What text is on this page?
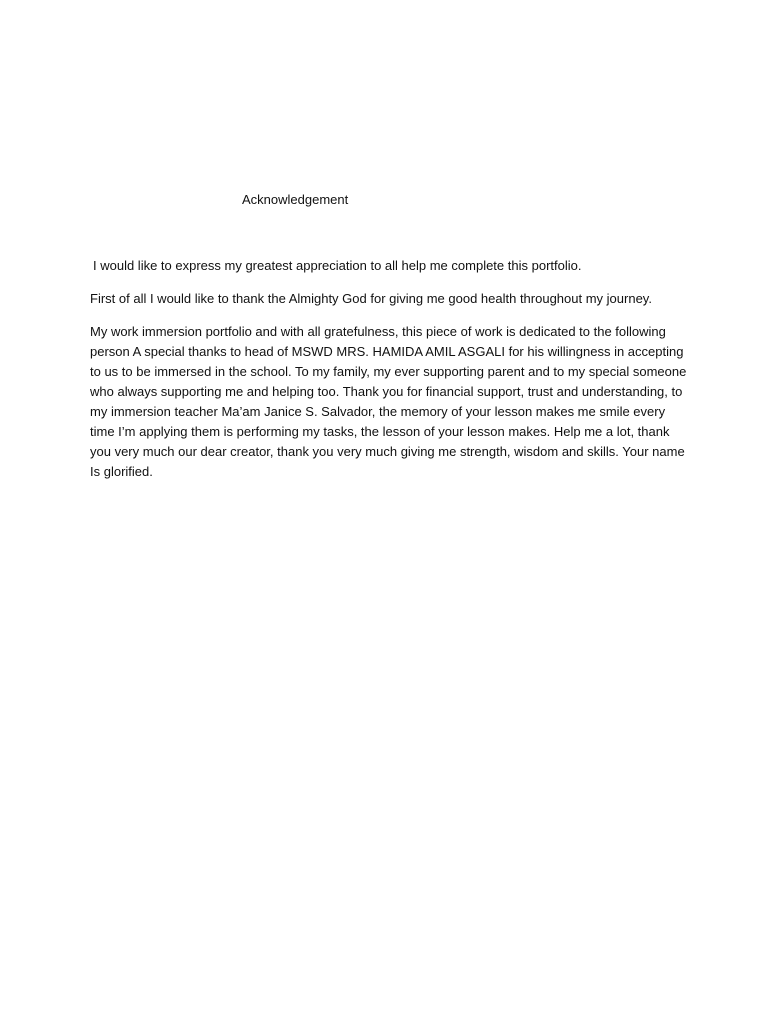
Acknowledgement

I would like to express my greatest appreciation to all help me complete this portfolio.

First of all I would like to thank the Almighty God for giving me good health throughout my journey.

My work immersion portfolio and with all gratefulness, this piece of work is dedicated to the following person A special thanks to head of MSWD MRS. HAMIDA AMIL ASGALI for his willingness in accepting to us to be immersed in the school. To my family, my ever supporting parent and to my special someone who always supporting me and helping too. Thank you for financial support, trust and understanding, to my immersion teacher Ma’am Janice S. Salvador, the memory of your lesson makes me smile every time I’m applying them is performing my tasks, the lesson of your lesson makes. Help me a lot, thank you very much our dear creator, thank you very much giving me strength, wisdom and skills. Your name Is glorified.
